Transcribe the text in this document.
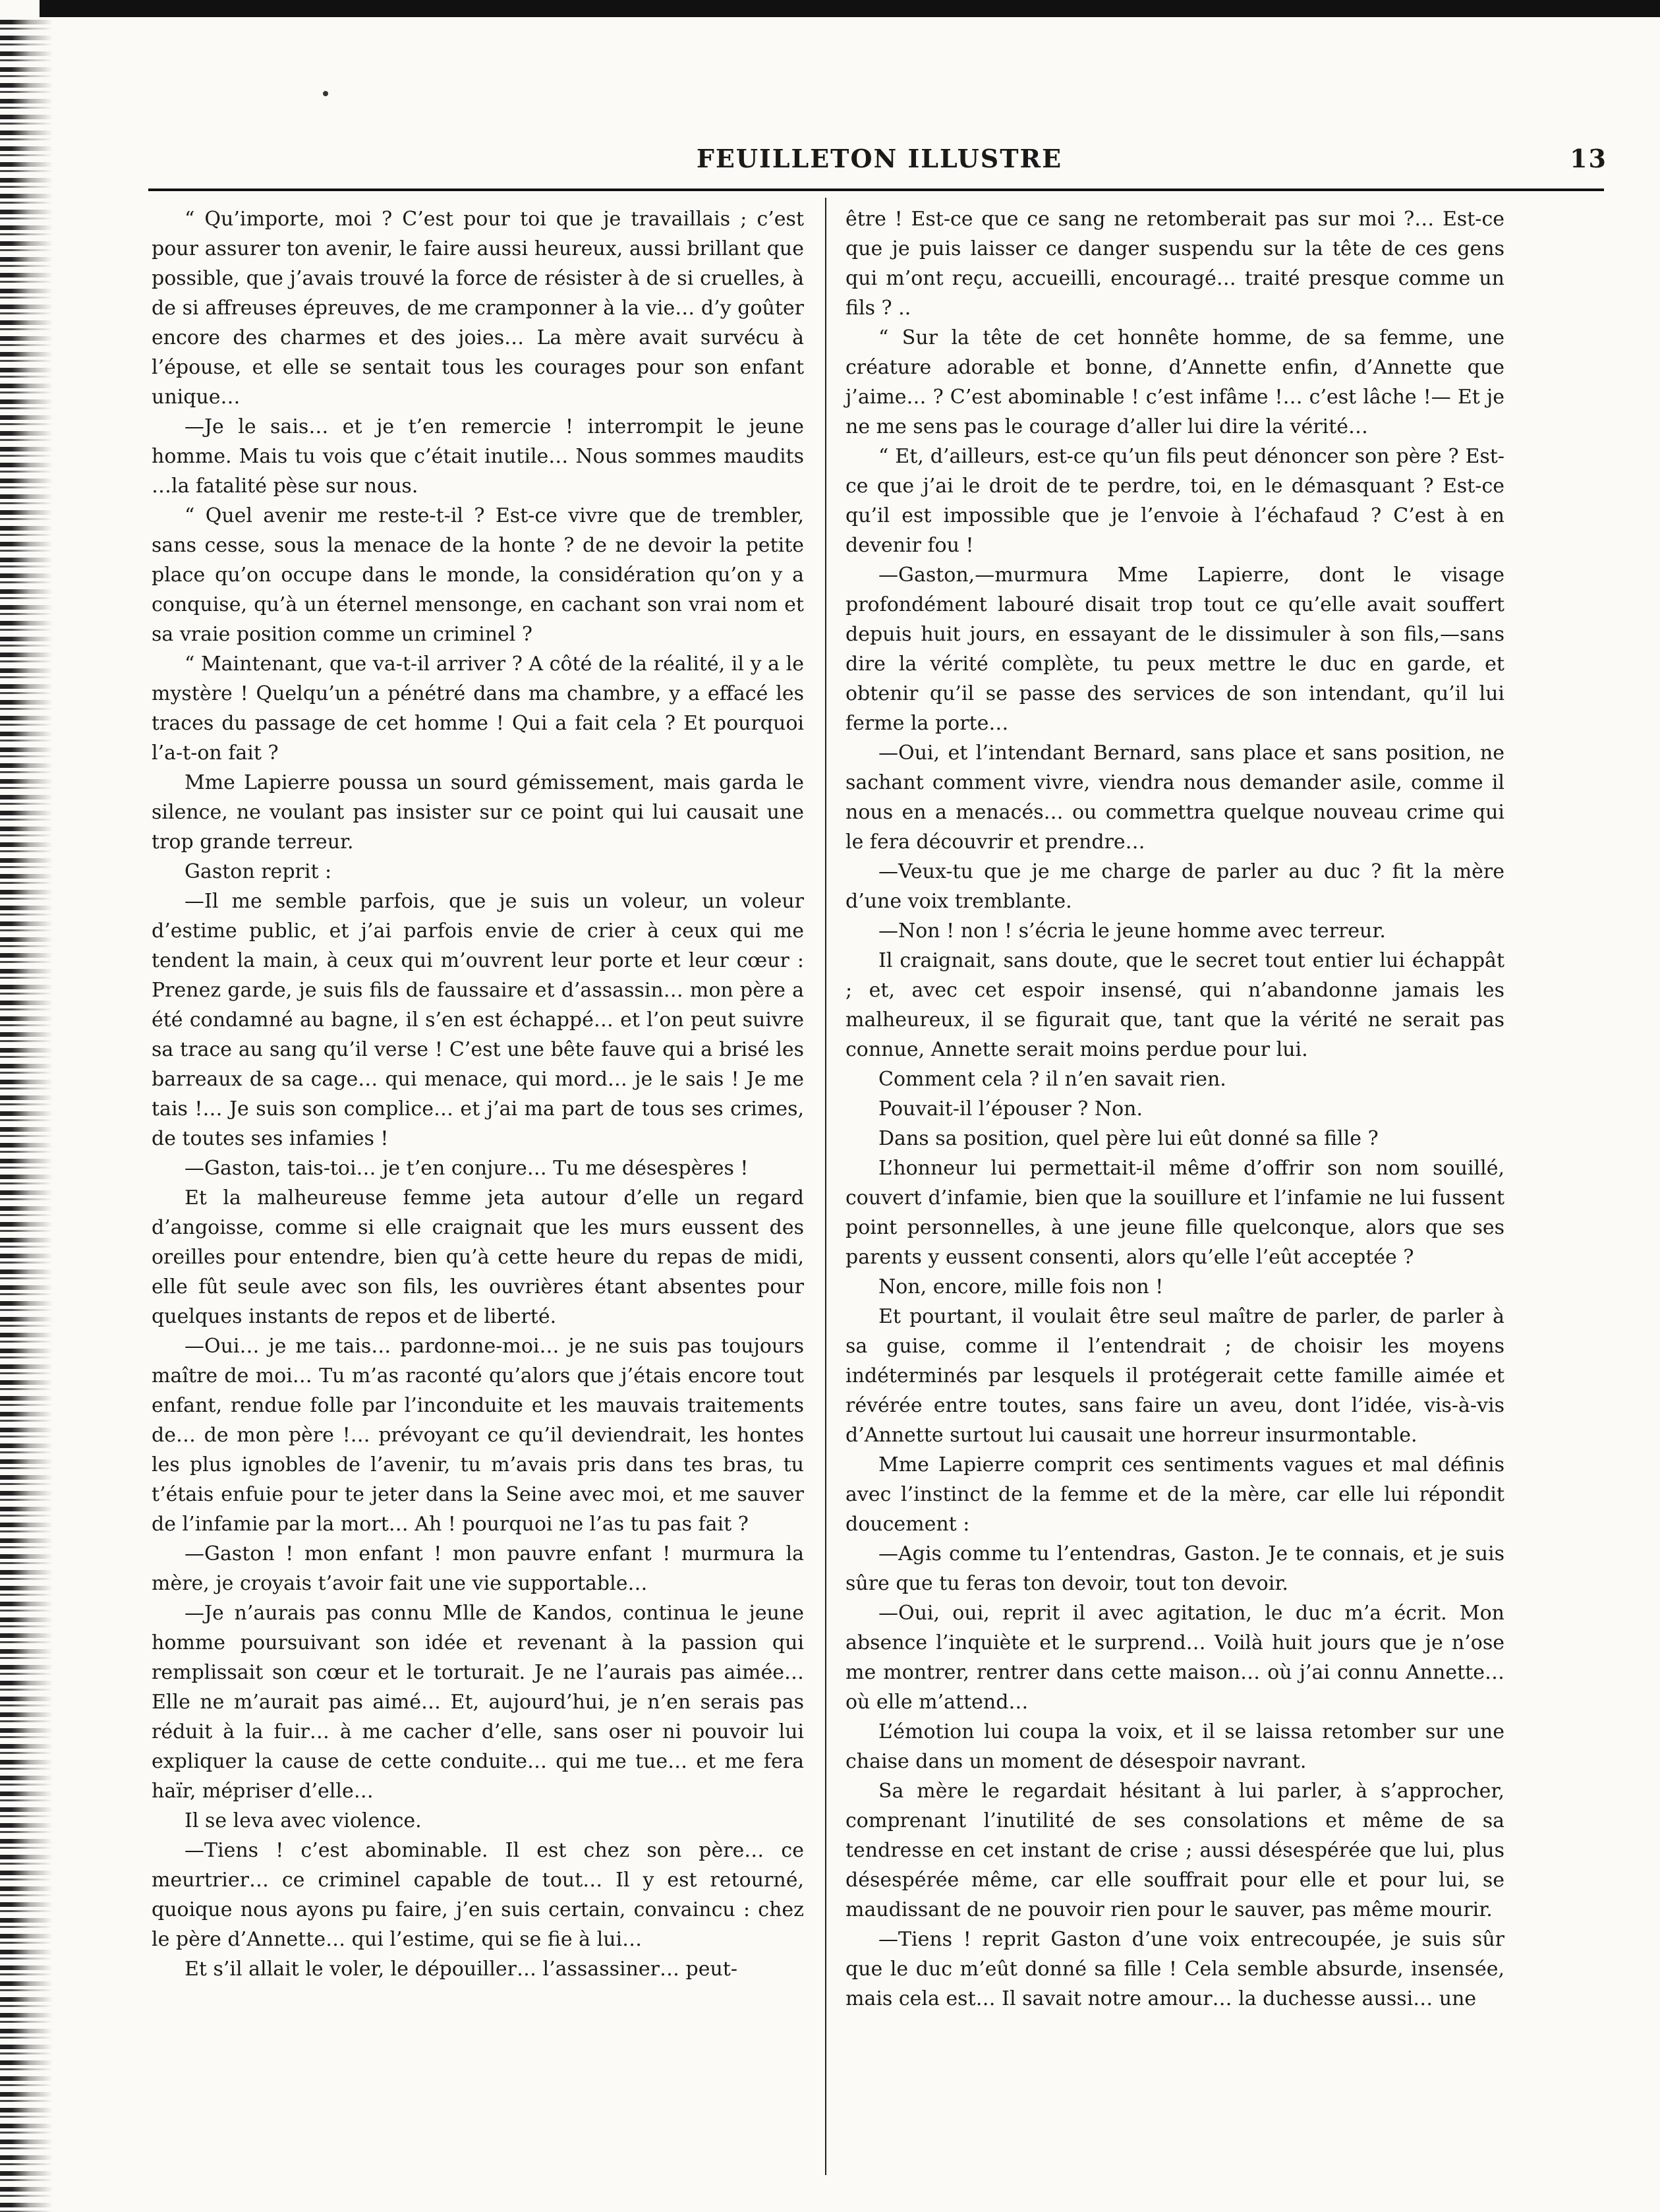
FEUILLETON ILLUSTRE	13

“ Qu’importe, moi ? C’est pour toi que je travaillais ; c’est pour assurer ton avenir, le faire aussi heureux, aussi brillant que possible, que j’avais trouvé la force de résister à de si cruelles, à de si affreuses épreuves, de me cramponner à la vie… d’y goûter encore des charmes et des joies… La mère avait survécu à l’épouse, et elle se sentait tous les courages pour son enfant unique…

—Je le sais… et je t’en remercie ! interrompit le jeune homme. Mais tu vois que c’était inutile… Nous sommes maudits …la fatalité pèse sur nous.

“ Quel avenir me reste-t-il ? Est-ce vivre que de trembler, sans cesse, sous la menace de la honte ? de ne devoir la petite place qu’on occupe dans le monde, la considération qu’on y a conquise, qu’à un éternel mensonge, en cachant son vrai nom et sa vraie position comme un criminel ?

“ Maintenant, que va-t-il arriver ? A côté de la réalité, il y a le mystère ! Quelqu’un a pénétré dans ma chambre, y a effacé les traces du passage de cet homme ! Qui a fait cela ? Et pourquoi l’a-t-on fait ?

Mme Lapierre poussa un sourd gémissement, mais garda le silence, ne voulant pas insister sur ce point qui lui causait une trop grande terreur.

Gaston reprit :

—Il me semble parfois, que je suis un voleur, un voleur d’estime public, et j’ai parfois envie de crier à ceux qui me tendent la main, à ceux qui m’ouvrent leur porte et leur cœur : Prenez garde, je suis fils de faussaire et d’assassin… mon père a été condamné au bagne, il s’en est échappé… et l’on peut suivre sa trace au sang qu’il verse ! C’est une bête fauve qui a brisé les barreaux de sa cage… qui menace, qui mord… je le sais ! Je me tais !… Je suis son complice… et j’ai ma part de tous ses crimes, de toutes ses infamies !

—Gaston, tais-toi… je t’en conjure… Tu me désespères !

Et la malheureuse femme jeta autour d’elle un regard d’angoisse, comme si elle craignait que les murs eussent des oreilles pour entendre, bien qu’à cette heure du repas de midi, elle fût seule avec son fils, les ouvrières étant absentes pour quelques instants de repos et de liberté.

—Oui… je me tais… pardonne-moi… je ne suis pas toujours maître de moi… Tu m’as raconté qu’alors que j’étais encore tout enfant, rendue folle par l’inconduite et les mauvais traitements de… de mon père !… prévoyant ce qu’il deviendrait, les hontes les plus ignobles de l’avenir, tu m’avais pris dans tes bras, tu t’étais enfuie pour te jeter dans la Seine avec moi, et me sauver de l’infamie par la mort… Ah ! pourquoi ne l’as tu pas fait ?

—Gaston ! mon enfant ! mon pauvre enfant ! murmura la mère, je croyais t’avoir fait une vie supportable…

—Je n’aurais pas connu Mlle de Kandos, continua le jeune homme poursuivant son idée et revenant à la passion qui remplissait son cœur et le torturait. Je ne l’aurais pas aimée… Elle ne m’aurait pas aimé… Et, aujourd’hui, je n’en serais pas réduit à la fuir… à me cacher d’elle, sans oser ni pouvoir lui expliquer la cause de cette conduite… qui me tue… et me fera haïr, mépriser d’elle…

Il se leva avec violence.

—Tiens ! c’est abominable. Il est chez son père… ce meurtrier… ce criminel capable de tout… Il y est retourné, quoique nous ayons pu faire, j’en suis certain, convaincu : chez le père d’Annette… qui l’estime, qui se fie à lui…

Et s’il allait le voler, le dépouiller… l’assassiner… peut-

être ! Est-ce que ce sang ne retomberait pas sur moi ?… Est-ce que je puis laisser ce danger suspendu sur la tête de ces gens qui m’ont reçu, accueilli, encouragé… traité presque comme un fils ? ..

“ Sur la tête de cet honnête homme, de sa femme, une créature adorable et bonne, d’Annette enfin, d’Annette que j’aime… ? C’est abominable ! c’est infâme !… c’est lâche !— Et je ne me sens pas le courage d’aller lui dire la vérité…

“ Et, d’ailleurs, est-ce qu’un fils peut dénoncer son père ? Est-ce que j’ai le droit de te perdre, toi, en le démasquant ? Est-ce qu’il est impossible que je l’envoie à l’échafaud ? C’est à en devenir fou !

—Gaston,—murmura Mme Lapierre, dont le visage profondément labouré disait trop tout ce qu’elle avait souffert depuis huit jours, en essayant de le dissimuler à son fils,—sans dire la vérité complète, tu peux mettre le duc en garde, et obtenir qu’il se passe des services de son intendant, qu’il lui ferme la porte…

—Oui, et l’intendant Bernard, sans place et sans position, ne sachant comment vivre, viendra nous demander asile, comme il nous en a menacés… ou commettra quelque nouveau crime qui le fera découvrir et prendre…

—Veux-tu que je me charge de parler au duc ? fit la mère d’une voix tremblante.

—Non ! non ! s’écria le jeune homme avec terreur.

Il craignait, sans doute, que le secret tout entier lui échappât ; et, avec cet espoir insensé, qui n’abandonne jamais les malheureux, il se figurait que, tant que la vérité ne serait pas connue, Annette serait moins perdue pour lui.

Comment cela ? il n’en savait rien.

Pouvait-il l’épouser ? Non.

Dans sa position, quel père lui eût donné sa fille ?

L’honneur lui permettait-il même d’offrir son nom souillé, couvert d’infamie, bien que la souillure et l’infamie ne lui fussent point personnelles, à une jeune fille quelconque, alors que ses parents y eussent consenti, alors qu’elle l’eût acceptée ?

Non, encore, mille fois non !

Et pourtant, il voulait être seul maître de parler, de parler à sa guise, comme il l’entendrait ; de choisir les moyens indéterminés par lesquels il protégerait cette famille aimée et révérée entre toutes, sans faire un aveu, dont l’idée, vis-à-vis d’Annette surtout lui causait une horreur insurmontable.

Mme Lapierre comprit ces sentiments vagues et mal définis avec l’instinct de la femme et de la mère, car elle lui répondit doucement :

—Agis comme tu l’entendras, Gaston. Je te connais, et je suis sûre que tu feras ton devoir, tout ton devoir.

—Oui, oui, reprit il avec agitation, le duc m’a écrit. Mon absence l’inquiète et le surprend… Voilà huit jours que je n’ose me montrer, rentrer dans cette maison… où j’ai connu Annette… où elle m’attend…

L’émotion lui coupa la voix, et il se laissa retomber sur une chaise dans un moment de désespoir navrant.

Sa mère le regardait hésitant à lui parler, à s’approcher, comprenant l’inutilité de ses consolations et même de sa tendresse en cet instant de crise ; aussi désespérée que lui, plus désespérée même, car elle souffrait pour elle et pour lui, se maudissant de ne pouvoir rien pour le sauver, pas même mourir.

—Tiens ! reprit Gaston d’une voix entrecoupée, je suis sûr que le duc m’eût donné sa fille ! Cela semble absurde, insensée, mais cela est… Il savait notre amour… la duchesse aussi… une
